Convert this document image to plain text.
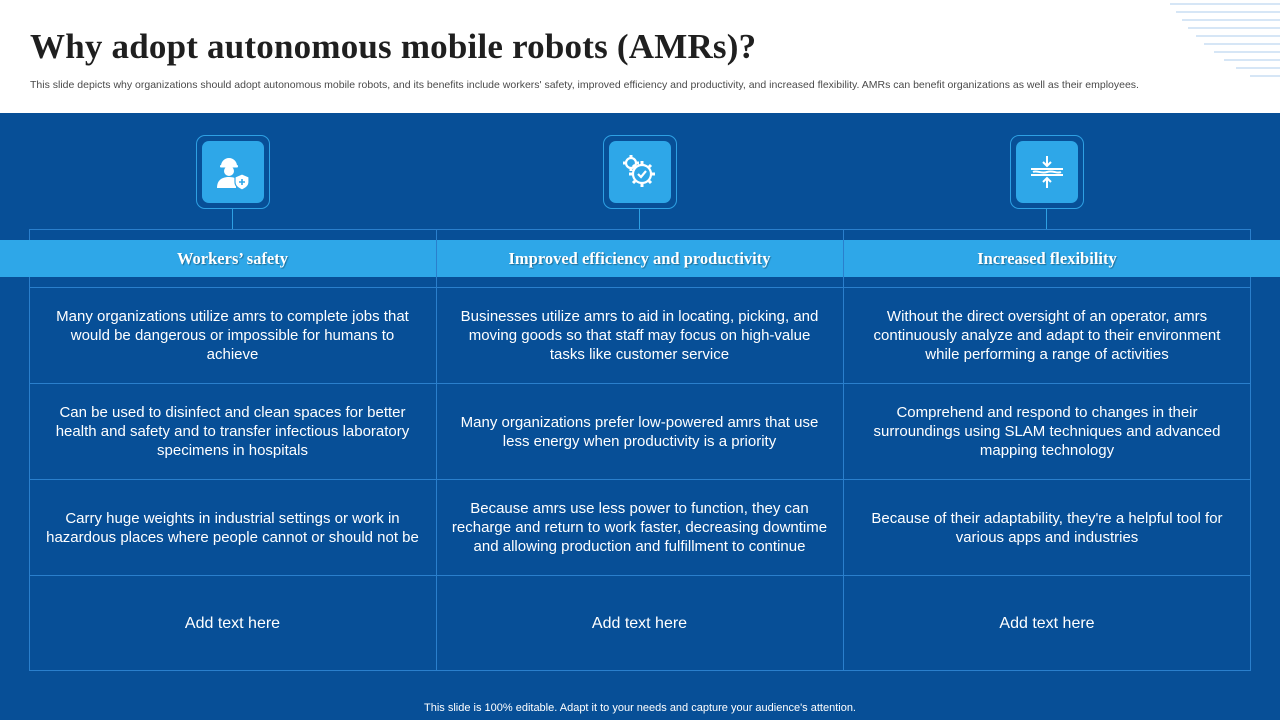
Why adopt autonomous mobile robots (AMRs)?
This slide depicts why organizations should adopt autonomous mobile robots, and its benefits include workers' safety, improved efficiency and productivity, and increased flexibility. AMRs can benefit organizations as well as their employees.
Workers’ safety	Improved efficiency and productivity	Increased flexibility
Many organizations utilize amrs to complete jobs that would be dangerous or impossible for humans to achieve
Can be used to disinfect and clean spaces for better health and safety and to transfer infectious laboratory specimens in hospitals
Carry huge weights in industrial settings or work in hazardous places where people cannot or should not be
Add text here
Businesses utilize amrs to aid in locating, picking, and moving goods so that staff may focus on high-value tasks like customer service
Many organizations prefer low-powered amrs that use less energy when productivity is a priority
Because amrs use less power to function, they can recharge and return to work faster, decreasing downtime and allowing production and fulfillment to continue
Add text here
Without the direct oversight of an operator, amrs continuously analyze and adapt to their environment while performing a range of activities
Comprehend and respond to changes in their surroundings using SLAM techniques and advanced mapping technology
Because of their adaptability, they're a helpful tool for various apps and industries
Add text here
This slide is 100% editable. Adapt it to your needs and capture your audience's attention.
